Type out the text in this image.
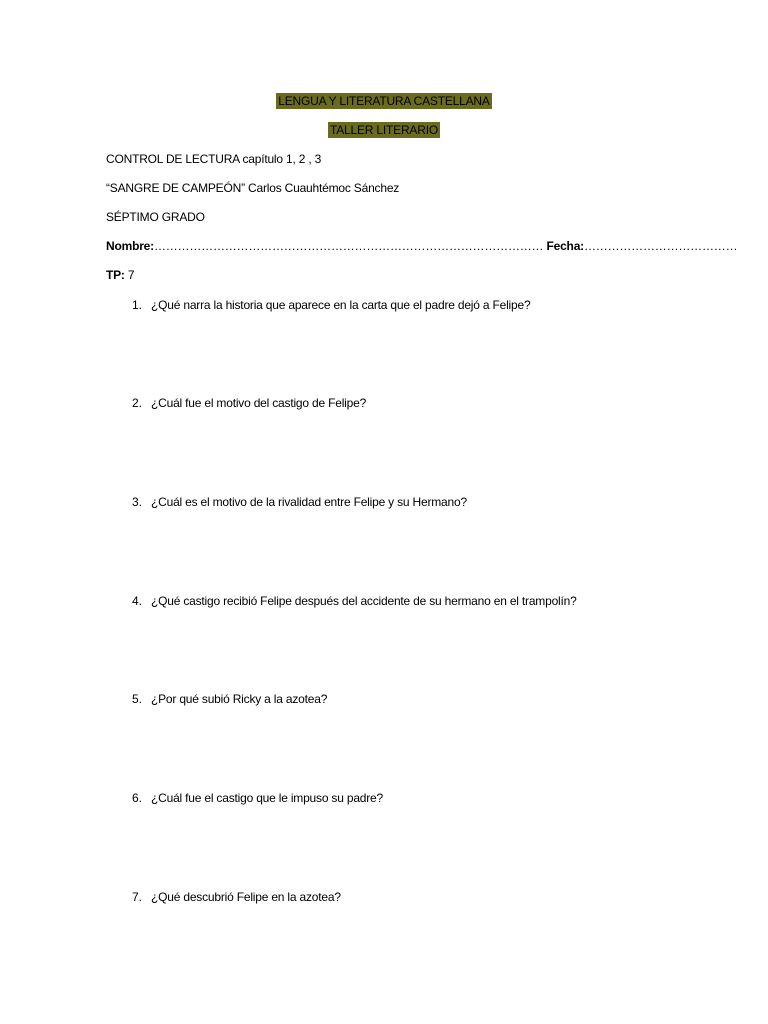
LENGUA Y LITERATURA CASTELLANA
TALLER LITERARIO
CONTROL DE LECTURA capítulo 1, 2 , 3
“SANGRE DE CAMPEÓN” Carlos Cuauhtémoc Sánchez
SÉPTIMO GRADO
Nombre:……………………………………………………………………………………… Fecha:…………………………………
TP: 7
1. ¿Qué narra la historia que aparece en la carta que el padre dejó a Felipe?
2. ¿Cuál fue el motivo del castigo de Felipe?
3. ¿Cuál es el motivo de la rivalidad entre Felipe y su Hermano?
4. ¿Qué castigo recibió Felipe después del accidente de su hermano en el trampolín?
5. ¿Por qué subió Ricky a la azotea?
6. ¿Cuál fue el castigo que le impuso su padre?
7. ¿Qué descubrió Felipe en la azotea?
